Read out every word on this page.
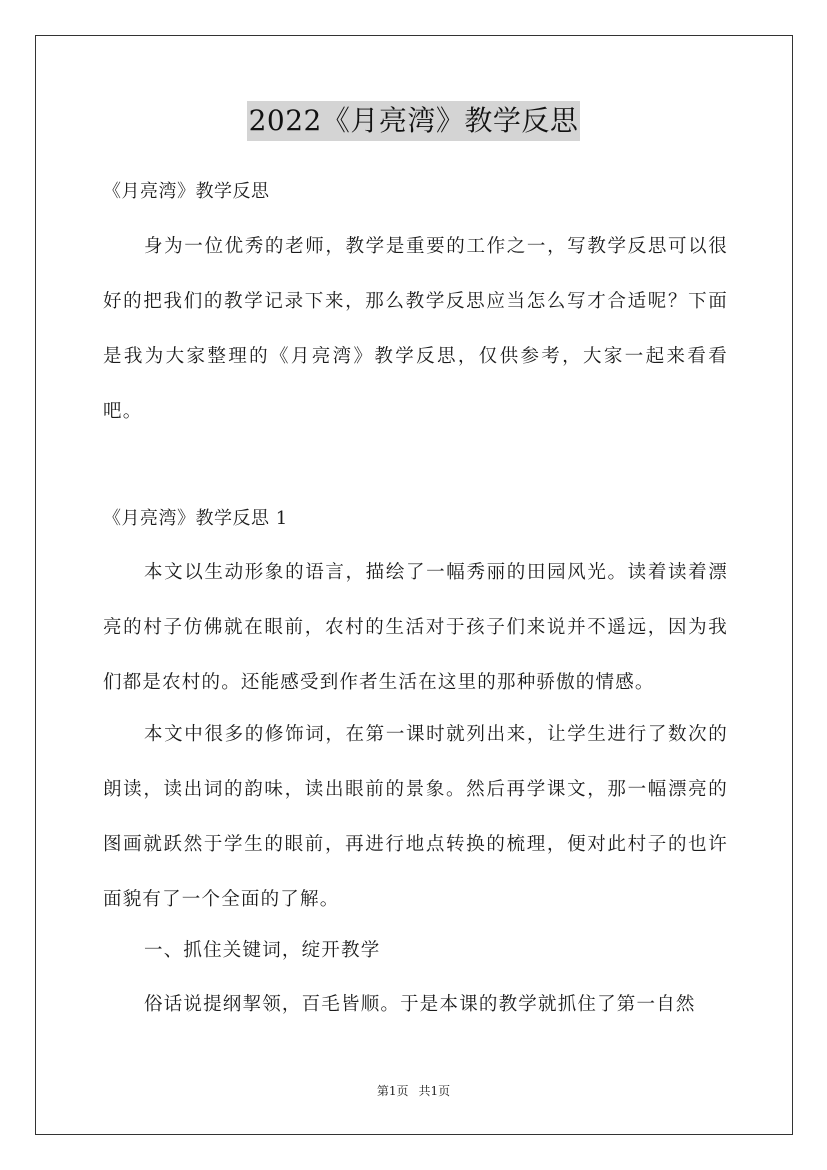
2022《月亮湾》教学反思

《月亮湾》教学反思

身为一位优秀的老师，教学是重要的工作之一，写教学反思可以很好的把我们的教学记录下来，那么教学反思应当怎么写才合适呢？下面是我为大家整理的《月亮湾》教学反思，仅供参考，大家一起来看看吧。

《月亮湾》教学反思 1

本文以生动形象的语言，描绘了一幅秀丽的田园风光。读着读着漂亮的村子仿佛就在眼前，农村的生活对于孩子们来说并不遥远，因为我们都是农村的。还能感受到作者生活在这里的那种骄傲的情感。

本文中很多的修饰词，在第一课时就列出来，让学生进行了数次的朗读，读出词的韵味，读出眼前的景象。然后再学课文，那一幅漂亮的图画就跃然于学生的眼前，再进行地点转换的梳理，便对此村子的也许面貌有了一个全面的了解。

一、抓住关键词，绽开教学

俗话说提纲挈领，百毛皆顺。于是本课的教学就抓住了第一自然

第1页 共1页
